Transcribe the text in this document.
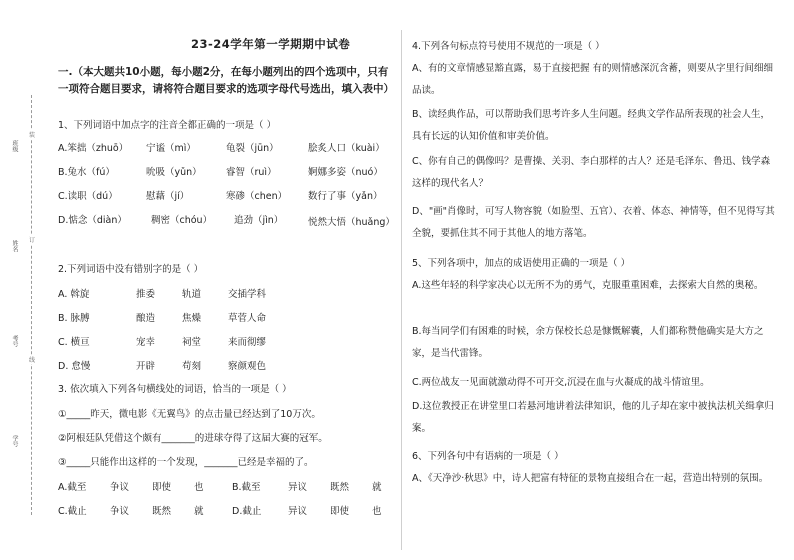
班级
姓名
考号
学号
装
订
线
23-24学年第一学期期中试卷
一.（本大题共10小题，每小题2分，在每小题列出的四个选项中，只有一项符合题目要求，请将符合题目要求的选项字母代号选出，填入表中）
1、下列词语中加点字的注音全都正确的一项是（ ）
A.笨拙（zhuō） 宁谧（mì）	龟裂（jūn）	脍炙人口（kuài）
B.兔水（fú）	吮吸（yǔn）	睿智（ruì）	婀娜多姿（nuó）
C.读职（dú）	慰藉（jí）	寒碜（chen） 数行了事（yǎn）
D.惦念（diàn）	稠密（chóu） 追劲（jìn）	悦然大悟（huǎng）
2.下列词语中没有错别字的是（ ）
A. 斡旋	推委	轨道	交插学科
B. 脉膊	酿造	焦燥	草菅人命
C. 横亘	宠幸	祠堂	来而彻缪
D. 怠慢	开辟	苟刻	察颜观色
3. 依次填入下列各句横线处的词语，恰当的一项是（ ）
①_____昨天，微电影《无翼鸟》的点击量已经达到了10万次。
②阿根廷队凭借这个颇有_______的进球夺得了这届大赛的冠军。
③_____只能作出这样的一个发现，_______已经是幸福的了。
A.截至 争议 即使 也	B.截至	异议 既然 就
C.截止 争议 既然 就	D.截止	异议 即使 也
4.下列各句标点符号使用不规范的一项是（ ）
A、有的文章情感显豁直露，易于直接把握 有的则情感深沉含蓄，则要从字里行间细细品读。
B、读经典作品，可以帮助我们思考许多人生问题。经典文学作品所表现的社会人生，具有长远的认知价值和审美价值。
C、你有自己的偶像吗？是曹操、关羽、李白那样的古人？还是毛泽东、鲁迅、钱学森这样的现代名人？
D、"画"肖像时，可写人物容貌（如脸型、五官）、衣着、体态、神情等，但不见得写其全貌，要抓住其不同于其他人的地方落笔。
5、下列各项中，加点的成语使用正确的一项是（ ）
A.这些年轻的科学家决心以无所不为的勇气，克服重重困难，去探索大自然的奥秘。
B.每当同学们有困难的时候，余方保校长总是慷慨解囊，人们都称赞他确实是大方之家，是当代雷锋。
C.两位战友一见面就激动得不可开交,沉浸在血与火凝成的战斗情谊里。
D.这位教授正在讲堂里口若悬河地讲着法律知识，他的儿子却在家中被执法机关缉拿归案。
6、下列各句中有语病的一项是（ ）
A、《天净沙·秋思》中，诗人把富有特征的景物直接组合在一起，营造出特别的氛围。
